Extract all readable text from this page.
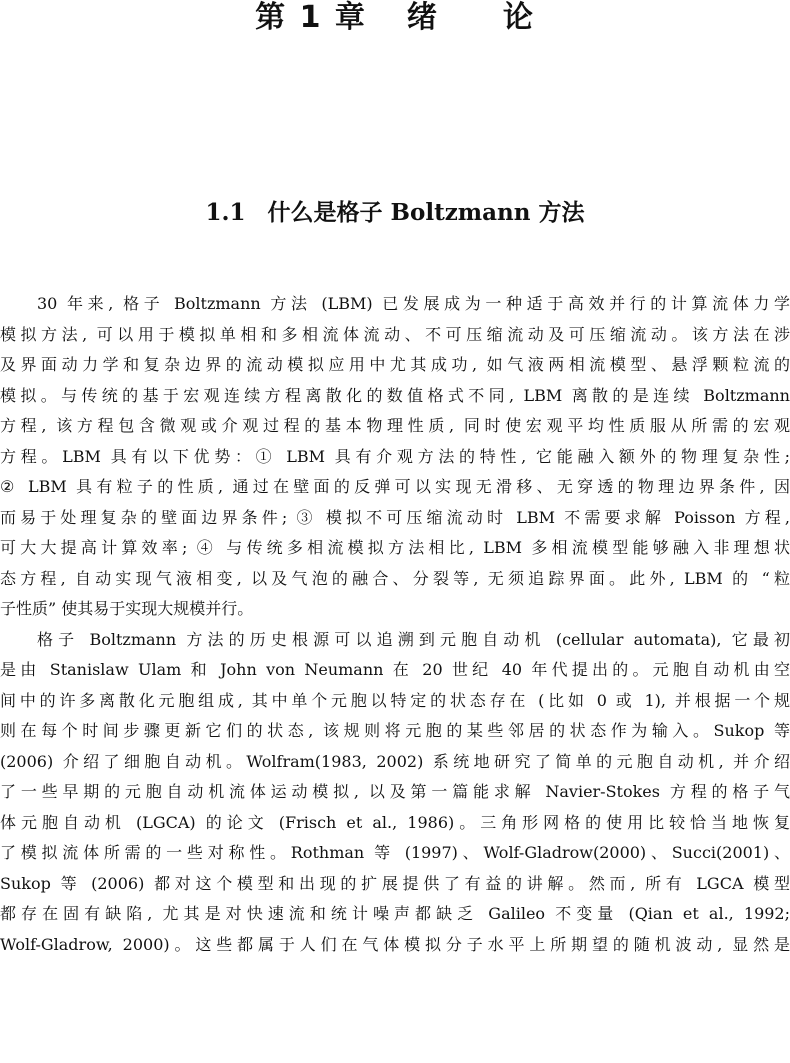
第 1 章 绪 论
1.1 什么是格子 Boltzmann 方法
30 年来, 格子 Boltzmann 方法 (LBM) 已发展成为一种适于高效并行的计算流体力学
模拟方法, 可以用于模拟单相和多相流体流动、不可压缩流动及可压缩流动。该方法在涉
及界面动力学和复杂边界的流动模拟应用中尤其成功, 如气液两相流模型、悬浮颗粒流的
模拟。与传统的基于宏观连续方程离散化的数值格式不同, LBM 离散的是连续 Boltzmann
方程, 该方程包含微观或介观过程的基本物理性质, 同时使宏观平均性质服从所需的宏观
方程。LBM 具有以下优势：① LBM 具有介观方法的特性, 它能融入额外的物理复杂性;
② LBM 具有粒子的性质, 通过在壁面的反弹可以实现无滑移、无穿透的物理边界条件, 因
而易于处理复杂的壁面边界条件; ③ 模拟不可压缩流动时 LBM 不需要求解 Poisson 方程,
可大大提高计算效率; ④ 与传统多相流模拟方法相比, LBM 多相流模型能够融入非理想状
态方程, 自动实现气液相变, 以及气泡的融合、分裂等, 无须追踪界面。此外, LBM 的 “粒
子性质” 使其易于实现大规模并行。
格子 Boltzmann 方法的历史根源可以追溯到元胞自动机 (cellular automata), 它最初
是由 Stanislaw Ulam 和 John von Neumann 在 20 世纪 40 年代提出的。元胞自动机由空
间中的许多离散化元胞组成, 其中单个元胞以特定的状态存在 (比如 0 或 1), 并根据一个规
则在每个时间步骤更新它们的状态, 该规则将元胞的某些邻居的状态作为输入。Sukop 等
(2006) 介绍了细胞自动机。Wolfram(1983, 2002) 系统地研究了简单的元胞自动机, 并介绍
了一些早期的元胞自动机流体运动模拟, 以及第一篇能求解 Navier-Stokes 方程的格子气
体元胞自动机 (LGCA) 的论文 (Frisch et al., 1986)。三角形网格的使用比较恰当地恢复
了模拟流体所需的一些对称性。Rothman 等 (1997)、Wolf-Gladrow(2000)、Succi(2001)、
Sukop 等 (2006) 都对这个模型和出现的扩展提供了有益的讲解。然而, 所有 LGCA 模型
都存在固有缺陷, 尤其是对快速流和统计噪声都缺乏 Galileo 不变量 (Qian et al., 1992;
Wolf-Gladrow, 2000)。这些都属于人们在气体模拟分子水平上所期望的随机波动, 显然是
